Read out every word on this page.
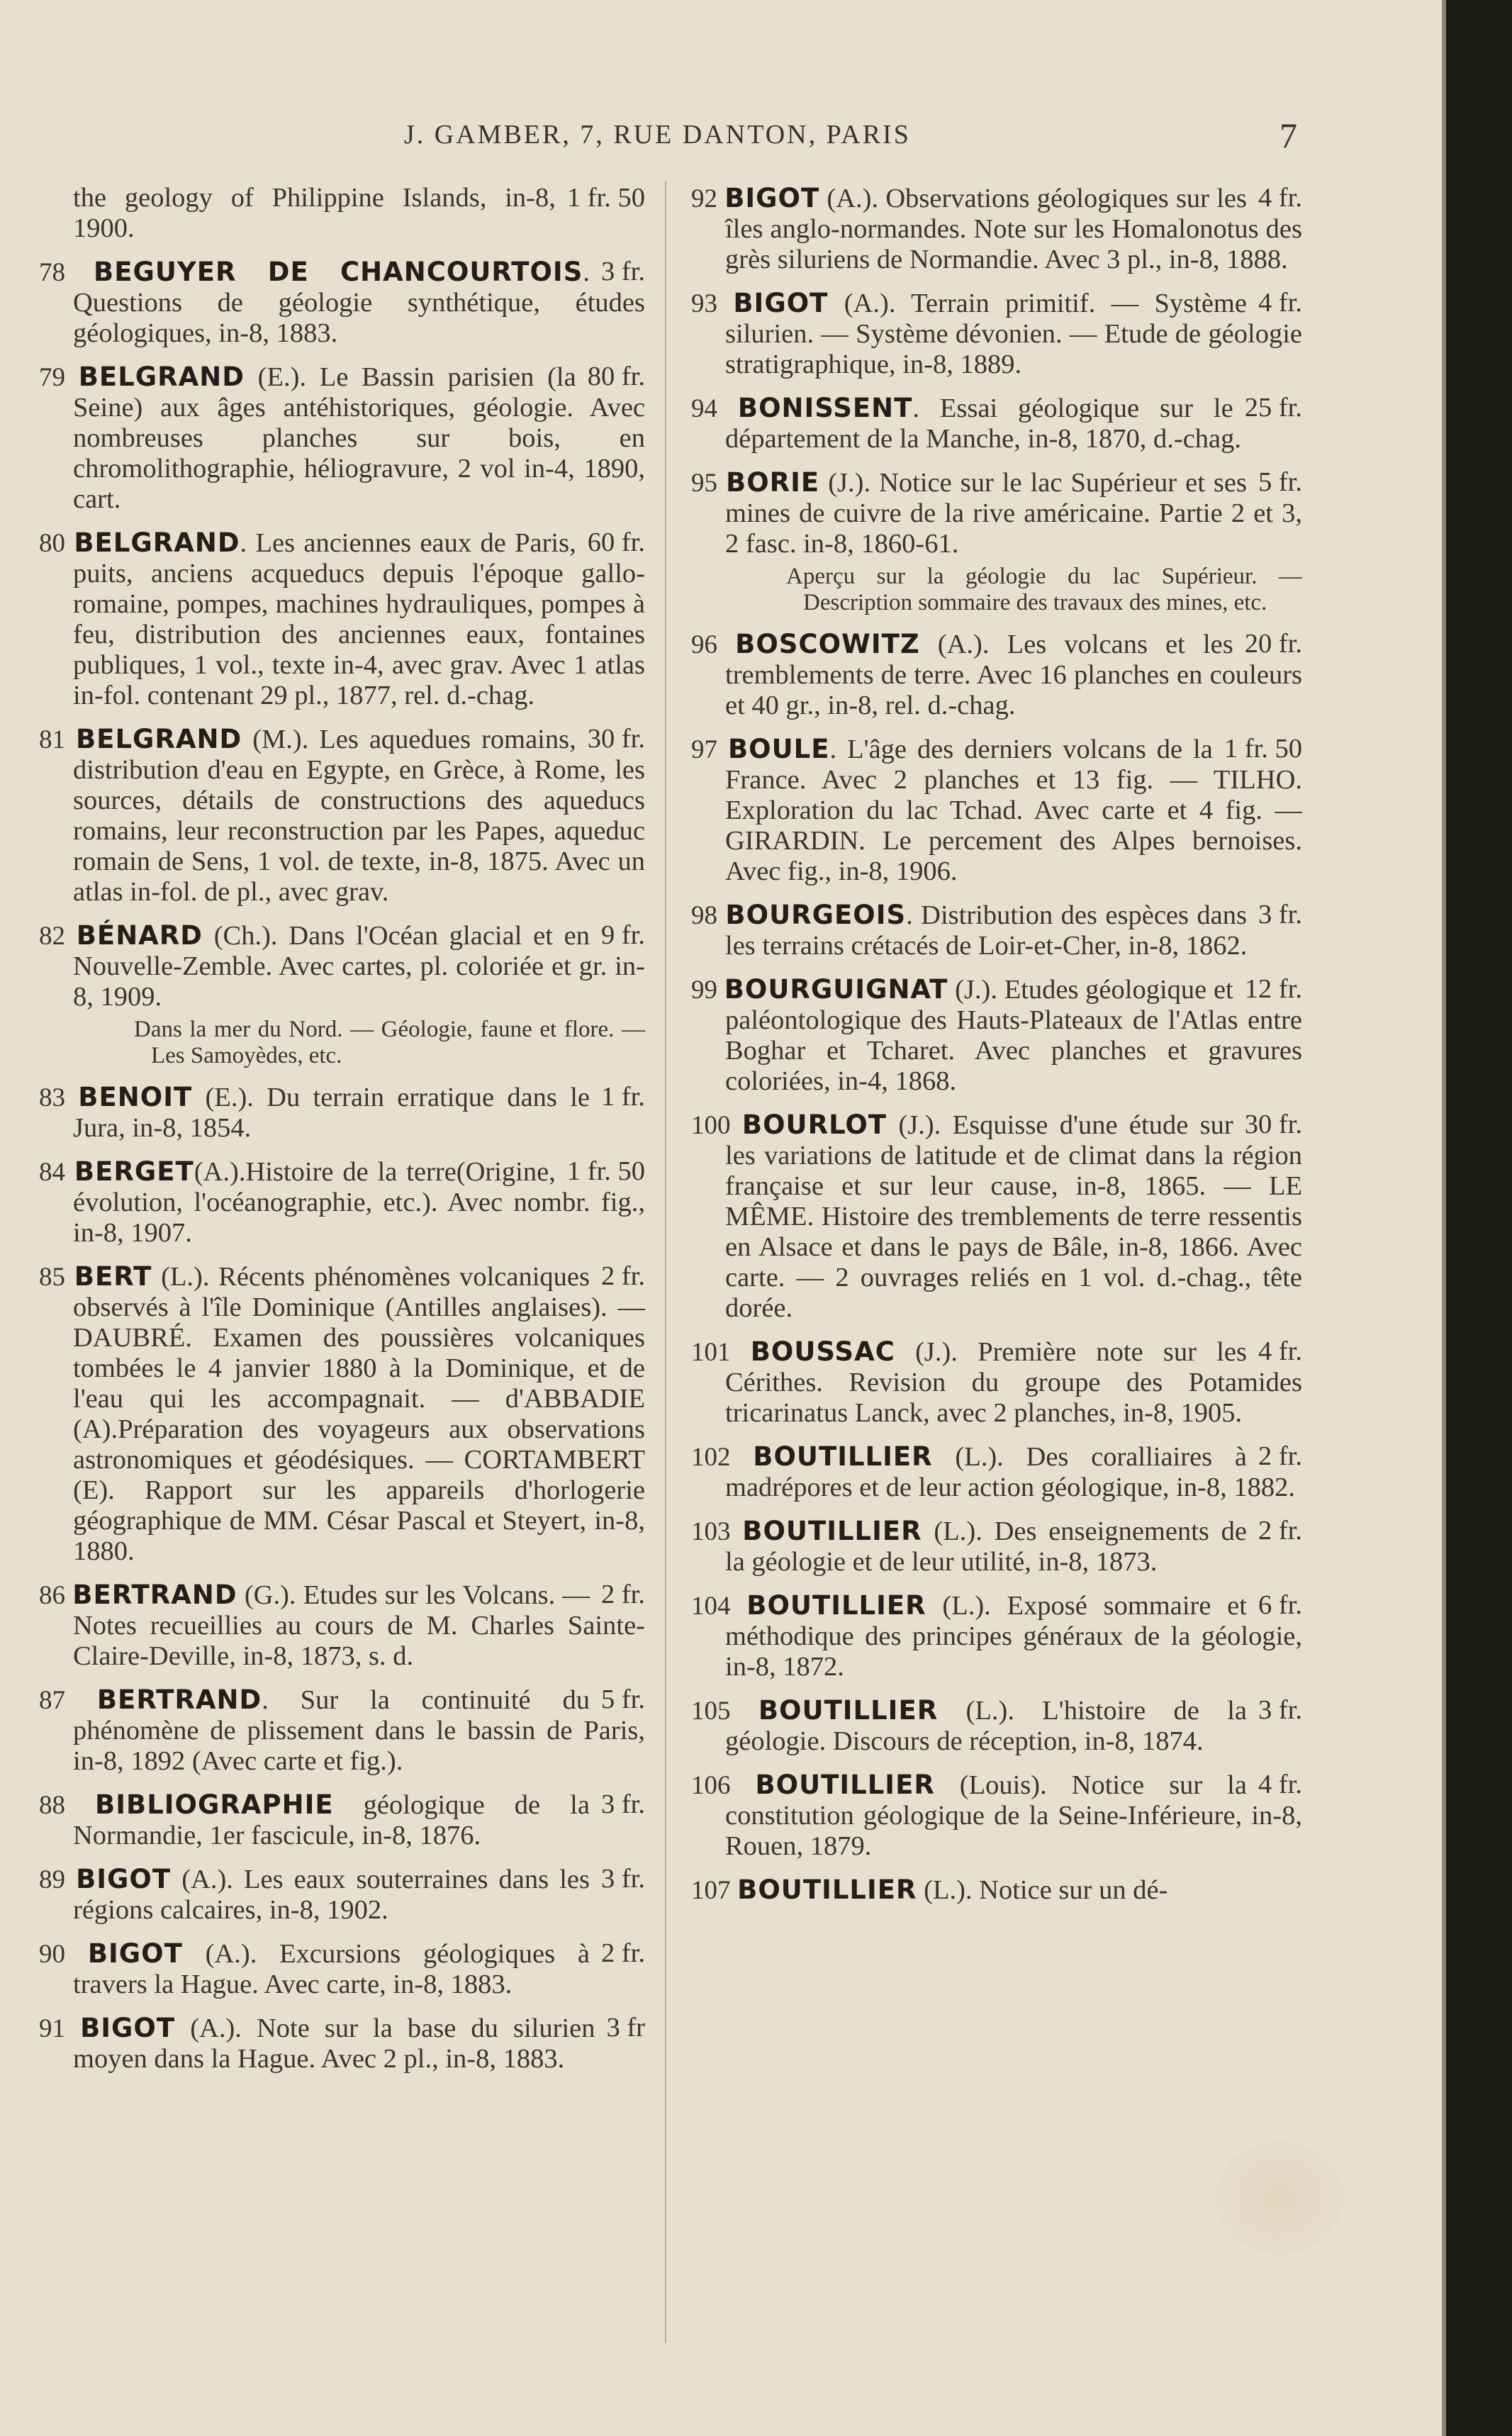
J. GAMBER, 7, RUE DANTON, PARIS	7
1 fr. 50
the geology of Philippine Islands, in-8, 1900.
3 fr.
78 BEGUYER DE CHANCOURTOIS. Questions de géologie synthétique, études géologiques, in-8, 1883.
80 fr.
79 BELGRAND (E.). Le Bassin parisien (la Seine) aux âges antéhistoriques, géologie. Avec nombreuses planches sur bois, en chromolithographie, héliogravure, 2 vol in-4, 1890, cart.
60 fr.
80 BELGRAND. Les anciennes eaux de Paris, puits, anciens acqueducs depuis l'époque gallo-romaine, pompes, machines hydrauliques, pompes à feu, distribution des anciennes eaux, fontaines publiques, 1 vol., texte in-4, avec grav. Avec 1 atlas in-fol. contenant 29 pl., 1877, rel. d.-chag.
30 fr.
81 BELGRAND (M.). Les aquedues romains, distribution d'eau en Egypte, en Grèce, à Rome, les sources, détails de constructions des aqueducs romains, leur reconstruction par les Papes, aqueduc romain de Sens, 1 vol. de texte, in-8, 1875. Avec un atlas in-fol. de pl., avec grav.
9 fr.
82 BÉNARD (Ch.). Dans l'Océan glacial et en Nouvelle-Zemble. Avec cartes, pl. coloriée et gr. in-8, 1909.
Dans la mer du Nord. — Géologie, faune et flore. — Les Samoyèdes, etc.
1 fr.
83 BENOIT (E.). Du terrain erratique dans le Jura, in-8, 1854.
1 fr. 50
84 BERGET(A.).Histoire de la terre(Origine, évolution, l'océanographie, etc.). Avec nombr. fig., in-8, 1907.
2 fr.
85 BERT (L.). Récents phénomènes volcaniques observés à l'île Dominique (Antilles anglaises). — DAUBRÉ. Examen des poussières volcaniques tombées le 4 janvier 1880 à la Dominique, et de l'eau qui les accompagnait. — d'ABBADIE (A).Préparation des voyageurs aux observations astronomiques et géodésiques. — CORTAMBERT (E). Rapport sur les appareils d'horlogerie géographique de MM. César Pascal et Steyert, in-8, 1880.
2 fr.
86 BERTRAND (G.). Etudes sur les Volcans. — Notes recueillies au cours de M. Charles Sainte-Claire-Deville, in-8, 1873, s. d.
5 fr.
87 BERTRAND. Sur la continuité du phénomène de plissement dans le bassin de Paris, in-8, 1892 (Avec carte et fig.).
3 fr.
88 BIBLIOGRAPHIE géologique de la Normandie, 1er fascicule, in-8, 1876.
3 fr.
89 BIGOT (A.). Les eaux souterraines dans les régions calcaires, in-8, 1902.
2 fr.
90 BIGOT (A.). Excursions géologiques à travers la Hague. Avec carte, in-8, 1883.
3 fr
91 BIGOT (A.). Note sur la base du silurien moyen dans la Hague. Avec 2 pl., in-8, 1883.
4 fr.
92 BIGOT (A.). Observations géologiques sur les îles anglo-normandes. Note sur les Homalonotus des grès siluriens de Normandie. Avec 3 pl., in-8, 1888.
4 fr.
93 BIGOT (A.). Terrain primitif. — Système silurien. — Système dévonien. — Etude de géologie stratigraphique, in-8, 1889.
25 fr.
94 BONISSENT. Essai géologique sur le département de la Manche, in-8, 1870, d.-chag.
5 fr.
95 BORIE (J.). Notice sur le lac Supérieur et ses mines de cuivre de la rive américaine. Partie 2 et 3, 2 fasc. in-8, 1860-61.
Aperçu sur la géologie du lac Supérieur. — Description sommaire des travaux des mines, etc.
20 fr.
96 BOSCOWITZ (A.). Les volcans et les tremblements de terre. Avec 16 planches en couleurs et 40 gr., in-8, rel. d.-chag.
1 fr. 50
97 BOULE. L'âge des derniers volcans de la France. Avec 2 planches et 13 fig. — TILHO. Exploration du lac Tchad. Avec carte et 4 fig. — GIRARDIN. Le percement des Alpes bernoises. Avec fig., in-8, 1906.
3 fr.
98 BOURGEOIS. Distribution des espèces dans les terrains crétacés de Loir-et-Cher, in-8, 1862.
12 fr.
99 BOURGUIGNAT (J.). Etudes géologique et paléontologique des Hauts-Plateaux de l'Atlas entre Boghar et Tcharet. Avec planches et gravures coloriées, in-4, 1868.
30 fr.
100 BOURLOT (J.). Esquisse d'une étude sur les variations de latitude et de climat dans la région française et sur leur cause, in-8, 1865. — LE MÊME. Histoire des tremblements de terre ressentis en Alsace et dans le pays de Bâle, in-8, 1866. Avec carte. — 2 ouvrages reliés en 1 vol. d.-chag., tête dorée.
4 fr.
101 BOUSSAC (J.). Première note sur les Cérithes. Revision du groupe des Potamides tricarinatus Lanck, avec 2 planches, in-8, 1905.
2 fr.
102 BOUTILLIER (L.). Des coralliaires à madrépores et de leur action géologique, in-8, 1882.
2 fr.
103 BOUTILLIER (L.). Des enseignements de la géologie et de leur utilité, in-8, 1873.
6 fr.
104 BOUTILLIER (L.). Exposé sommaire et méthodique des principes généraux de la géologie, in-8, 1872.
3 fr.
105 BOUTILLIER (L.). L'histoire de la géologie. Discours de réception, in-8, 1874.
4 fr.
106 BOUTILLIER (Louis). Notice sur la constitution géologique de la Seine-Inférieure, in-8, Rouen, 1879.
107 BOUTILLIER (L.). Notice sur un dé-
